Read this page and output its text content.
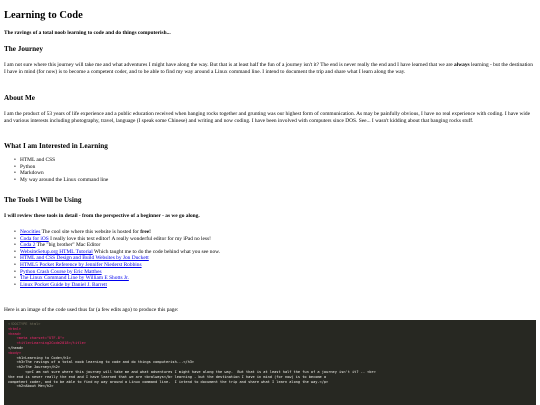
Learning to Code
The ravings of a total noob learning to code and do things computerish...
The Journey

I am not sure where this journey will take me and what adventures I might have along the way. But that is at least half the fun of a journey isn't it? The end is never really the end and I have learned that we are always learning - but the destination I have in mind (for now) is to become a competent coder, and to be able to find my way around a Linux command line. I intend to document the trip and share what I learn along the way.

About Me

I am the product of 53 years of life experience and a public education received when banging rocks together and grunting was our highest form of communication. As may be painfully obvious, I have no real experience with coding. I have wide and various interests including photography, travel, language (I speak some Chinese) and writing and now coding. I have been involved with computers since DOS. See... I wasn't kidding about that banging rocks stuff.

What I am Interested in Learning
• HTML and CSS
• Python
• Markdown
• My way around the Linux command line
The Tools I Will be Using

I will review these tools in detail - from the perspective of a beginner - as we go along.

• Neocities The cool site where this website is hosted for free!
• Coda for iOS I really love this text editor! A really wonderful editor for my iPad no less!
• Coda 2 The "big brother" Mac Editor
• WebsiteSetup.org HTML Tutorial Which taught me to do the code behind what you see now.
• HTML and CSS Design and Build Websites by Jon Duckett
• HTML5 Pocket Reference by Jennifer Niederst Robbins
• Python Crash Course by Eric Matthes
• The Linux Command Line by William E Shotts Jr.
• Linux Pocket Guide by Daniel J. Barrett

Here is an image of the code used thus far (a few edits ago) to produce this page:

<!DOCTYPE html>
<html>
<head>
<meta charset="UTF-8">
<title>Learning2Code2018</title>
</head>
<body>
<h1>Learning to Code</h1>
<h3>The ravings of a total noob learning to code and do things computerish...</h3>
<h2>The Journey</h2>
<p>I am not sure where this journey will take me and what adventures I might have along the way.  But that is at least half the fun of a journey isn't it? -- <br>
the end is never really the end and I have learned that we are <b>always</b> learning - but the destination I have in mind (for now) is to become a
competent coder, and to be able to find my way around a Linux command line.  I intend to document the trip and share what I learn along the way.</p>
<h2>About Me</h2>
